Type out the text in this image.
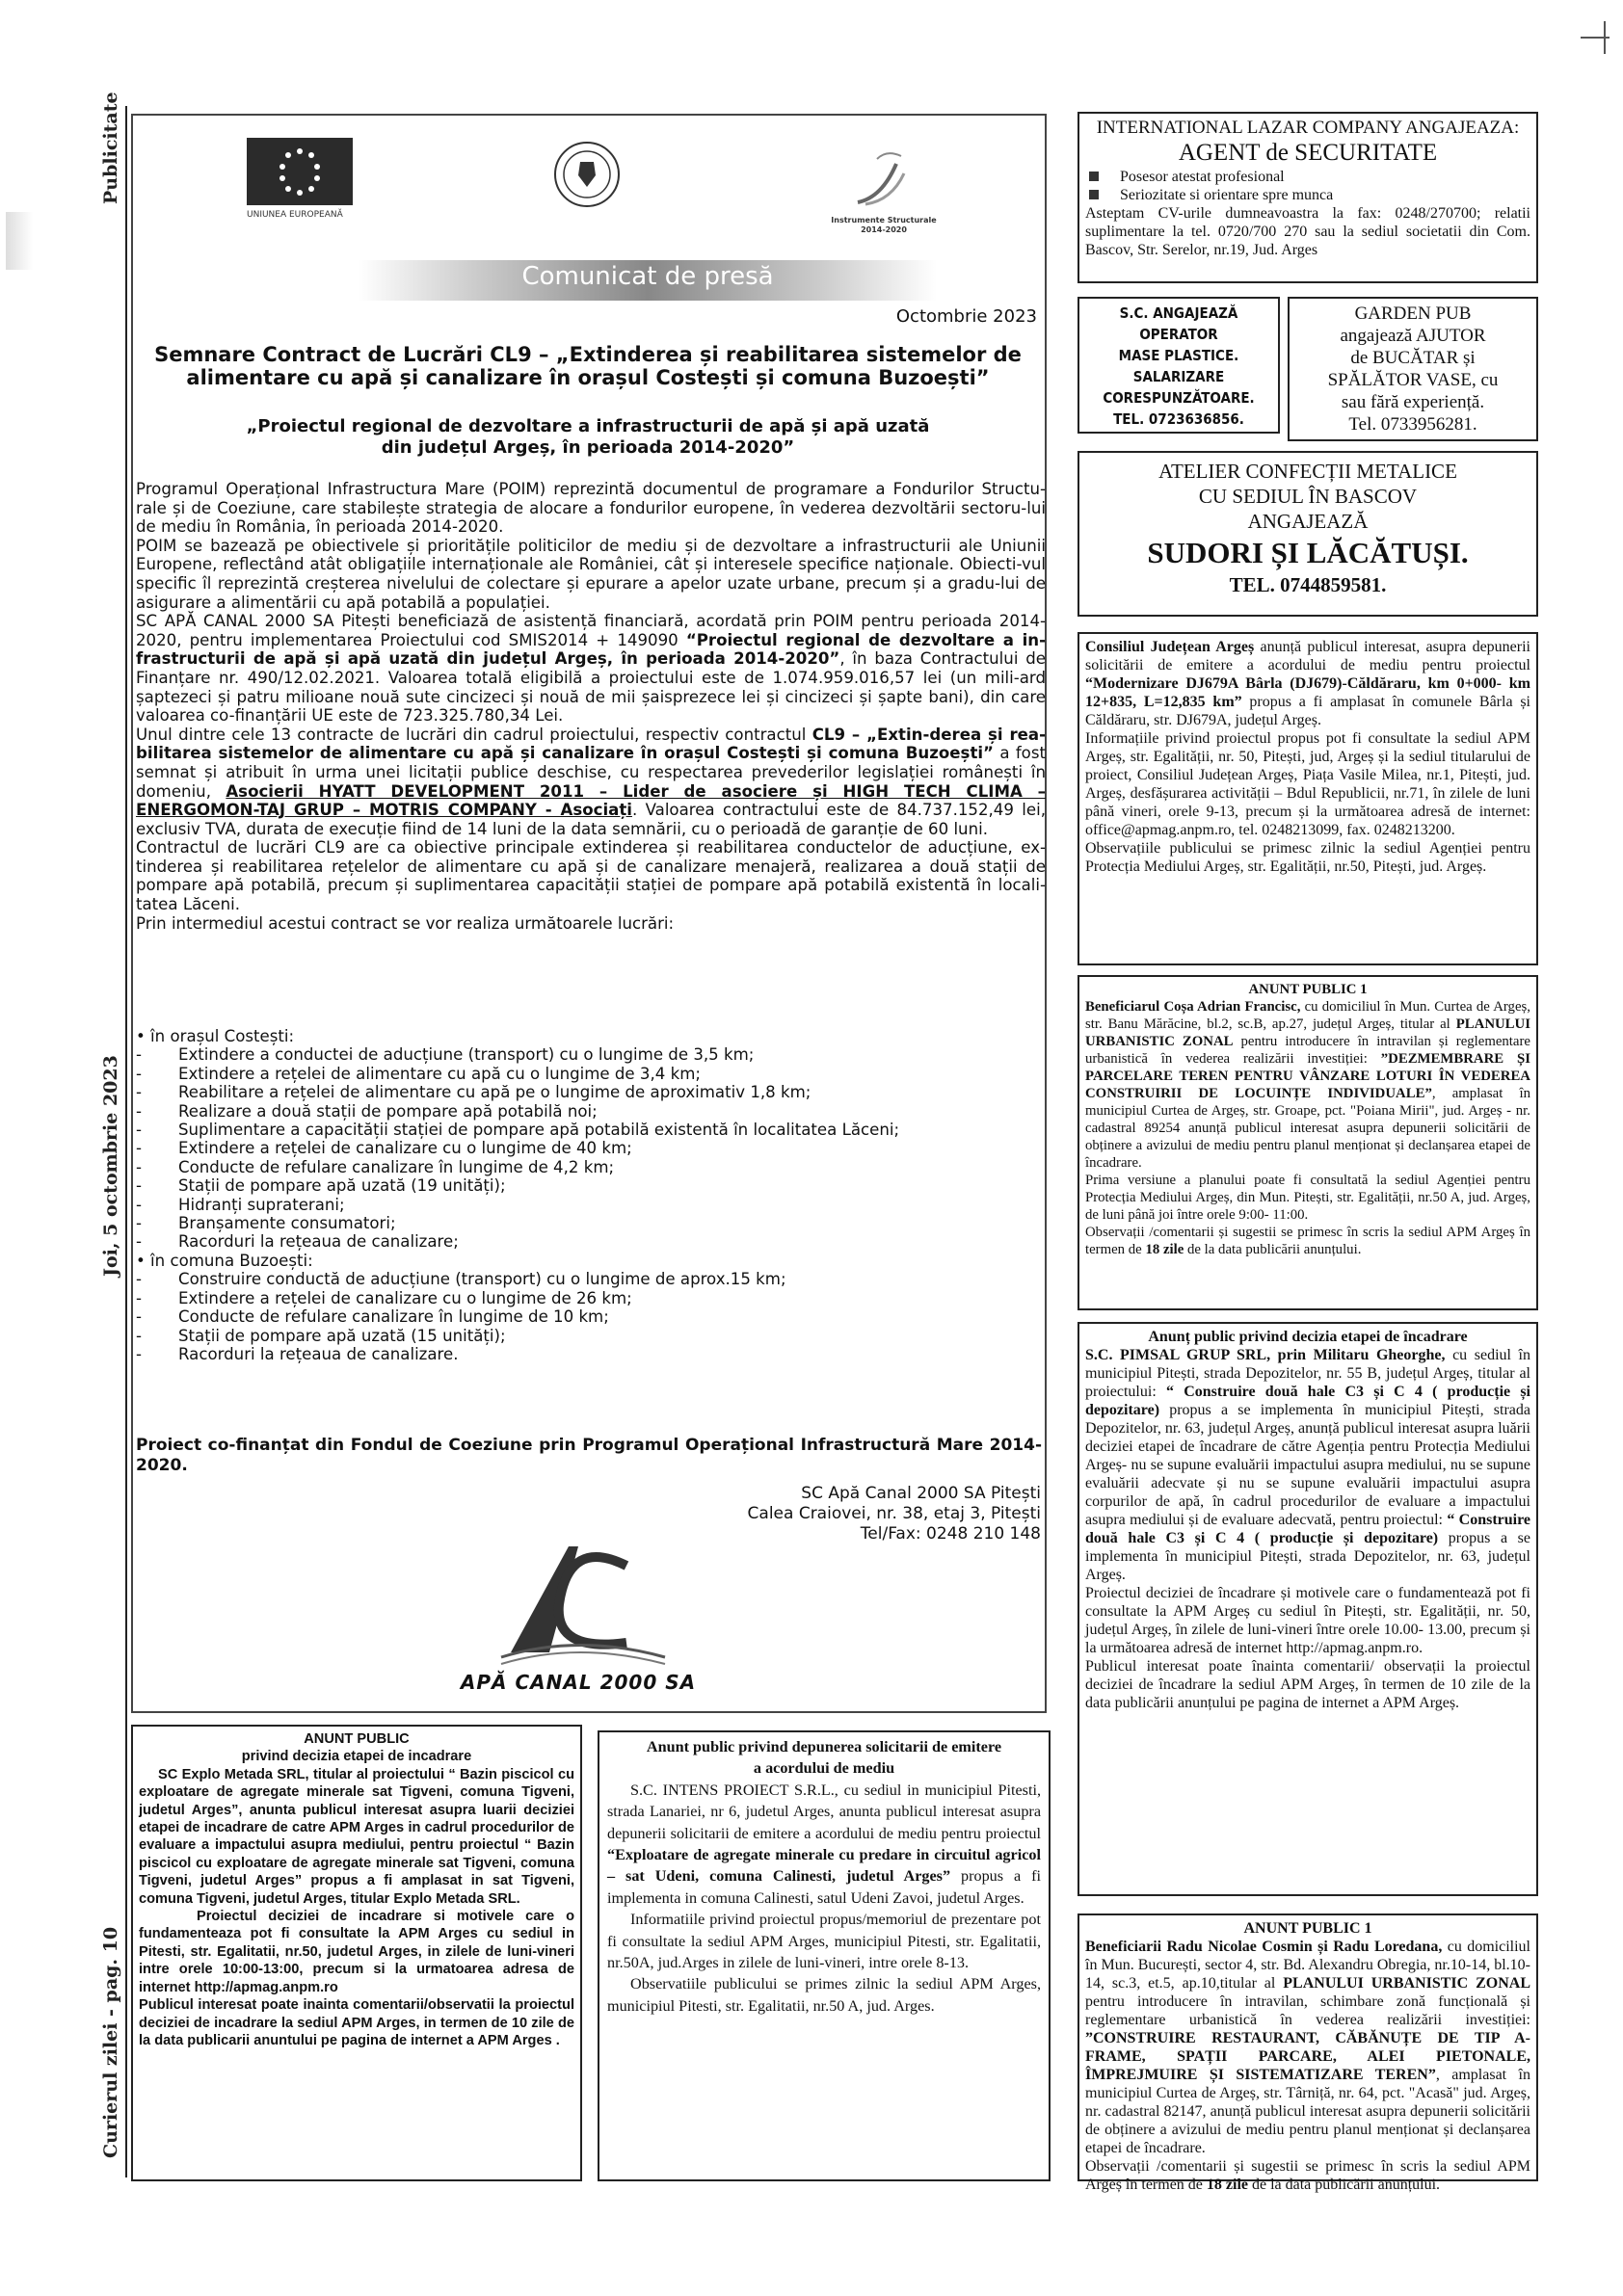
Publicitate
Joi, 5 octombrie 2023
Curierul zilei - pag. 10
UNIUNEA EUROPEANĂ
Instrumente Structurale
2014-2020
Comunicat de presă
Octombrie 2023
Semnare Contract de Lucrări CL9 – „Extinderea și reabilitarea sistemelor de
alimentare cu apă și canalizare în orașul Costești și comuna Buzoești”
„Proiectul regional de dezvoltare a infrastructurii de apă și apă uzată
din județul Argeș, în perioada 2014-2020”

Programul Operațional Infrastructura Mare (POIM) reprezintă documentul de programare a Fondurilor Structu-rale și de Coeziune, care stabilește strategia de alocare a fondurilor europene, în vederea dezvoltării sectoru-lui de mediu în România, în perioada 2014-2020.

POIM se bazează pe obiectivele și prioritățile politicilor de mediu și de dezvoltare a infrastructurii ale Uniunii Europene, reflectând atât obligațiile internaționale ale României, cât și interesele specifice naționale. Obiecti-vul specific îl reprezintă creșterea nivelului de colectare și epurare a apelor uzate urbane, precum și a gradu-lui de asigurare a alimentării cu apă potabilă a populației.

SC APĂ CANAL 2000 SA Pitești beneficiază de asistență financiară, acordată prin POIM pentru perioada 2014-2020, pentru implementarea Proiectului cod SMIS2014 + 149090 “Proiectul regional de dezvoltare a in-frastructurii de apă și apă uzată din județul Argeș, în perioada 2014-2020”, în baza Contractului de Finanțare nr. 490/12.02.2021. Valoarea totală eligibilă a proiectului este de 1.074.959.016,57 lei (un mili-ard șaptezeci și patru milioane nouă sute cincizeci și nouă de mii șaisprezece lei și cincizeci și șapte bani), din care valoarea co-finanțării UE este de 723.325.780,34 Lei.

Unul dintre cele 13 contracte de lucrări din cadrul proiectului, respectiv contractul CL9 – „Extin-derea și rea-bilitarea sistemelor de alimentare cu apă și canalizare în orașul Costești și comuna Buzoești” a fost semnat și atribuit în urma unei licitații publice deschise, cu respectarea prevederilor legislației românești în domeniu, Asocierii HYATT DEVELOPMENT 2011 – Lider de asociere și HIGH TECH CLIMA – ENERGOMON-TAJ GRUP – MOTRIS COMPANY - Asociați. Valoarea contractului este de 84.737.152,49 lei, exclusiv TVA, durata de execuție fiind de 14 luni de la data semnării, cu o perioadă de garanție de 60 luni.

Contractul de lucrări CL9 are ca obiective principale extinderea și reabilitarea conductelor de aducțiune, ex-tinderea și reabilitarea rețelelor de alimentare cu apă și de canalizare menajeră, realizarea a două stații de pompare apă potabilă, precum și suplimentarea capacității stației de pompare apă potabilă existentă în locali-tatea Lăceni.

Prin intermediul acestui contract se vor realiza următoarele lucrări:

• în orașul Costești:
- Extindere a conductei de aducțiune (transport) cu o lungime de 3,5 km;
- Extindere a rețelei de alimentare cu apă cu o lungime de 3,4 km;
- Reabilitare a rețelei de alimentare cu apă pe o lungime de aproximativ 1,8 km;
- Realizare a două stații de pompare apă potabilă noi;
- Suplimentare a capacității stației de pompare apă potabilă existentă în localitatea Lăceni;
- Extindere a rețelei de canalizare cu o lungime de 40 km;
- Conducte de refulare canalizare în lungime de 4,2 km;
- Stații de pompare apă uzată (19 unități);
- Hidranți supraterani;
- Branșamente consumatori;
- Racorduri la rețeaua de canalizare;
• în comuna Buzoești:
- Construire conductă de aducțiune (transport) cu o lungime de aprox.15 km;
- Extindere a rețelei de canalizare cu o lungime de 26 km;
- Conducte de refulare canalizare în lungime de 10 km;
- Stații de pompare apă uzată (15 unități);
- Racorduri la rețeaua de canalizare.
Proiect co-finanțat din Fondul de Coeziune prin Programul Operațional Infrastructură Mare 2014-2020.
SC Apă Canal 2000 SA Pitești
Calea Craiovei, nr. 38, etaj 3, Pitești
Tel/Fax: 0248 210 148
APĂ CANAL 2000 SA
INTERNATIONAL LAZAR COMPANY ANGAJEAZA:
AGENT de SECURITATE
Posesor atestat profesional
Seriozitate si orientare spre munca
Asteptam CV-urile dumneavoastra la fax: 0248/270700; relatii suplimentare la tel. 0720/700 270 sau la sediul societatii din Com. Bascov, Str. Serelor, nr.19, Jud. Arges
S.C. ANGAJEAZĂ
OPERATOR
MASE PLASTICE.
SALARIZARE
CORESPUNZĂTOARE.
TEL. 0723636856.
GARDEN PUB
angajează AJUTOR
de BUCĂTAR și
SPĂLĂTOR VASE, cu
sau fără experiență.
Tel. 0733956281.
ATELIER CONFECȚII METALICE
CU SEDIUL ÎN BASCOV
ANGAJEAZĂ
SUDORI ȘI LĂCĂTUȘI.
TEL. 0744859581.

Consiliul Județean Argeș anunță publicul interesat, asupra depunerii solicitării de emitere a acordului de mediu pentru proiectul “Modernizare DJ679A Bârla (DJ679)-Căldăraru, km 0+000- km 12+835, L=12,835 km” propus a fi amplasat în comunele Bârla și Căldăraru, str. DJ679A, județul Argeș.

Informațiile privind proiectul propus pot fi consultate la sediul APM Argeș, str. Egalității, nr. 50, Pitești, jud, Argeș și la sediul titularului de proiect, Consiliul Județean Argeș, Piața Vasile Milea, nr.1, Pitești, jud. Argeș, desfășurarea activității – Bdul Republicii, nr.71, în zilele de luni până vineri, orele 9-13, precum și la următoarea adresă de internet: office@apmag.anpm.ro, tel. 0248213099, fax. 0248213200.

Observațiile publicului se primesc zilnic la sediul Agenției pentru Protecția Mediului Argeș, str. Egalității, nr.50, Pitești, jud. Argeș.

ANUNT PUBLIC 1

Beneficiarul Coșa Adrian Francisc, cu domiciliul în Mun. Curtea de Argeș, str. Banu Mărăcine, bl.2, sc.B, ap.27, județul Argeș, titular al PLANULUI URBANISTIC ZONAL pentru introducere în intravilan și reglementare urbanistică în vederea realizării investiției: ”DEZMEMBRARE ȘI PARCELARE TEREN PENTRU VÂNZARE LOTURI ÎN VEDEREA CONSTRUIRII DE LOCUINȚE INDIVIDUALE”, amplasat în municipiul Curtea de Argeș, str. Groape, pct. "Poiana Mirii", jud. Argeș - nr. cadastral 89254 anunță publicul interesat asupra depunerii solicitării de obținere a avizului de mediu pentru planul menționat și declanșarea etapei de încadrare.

Prima versiune a planului poate fi consultată la sediul Agenției pentru Protecția Mediului Argeș, din Mun. Pitești, str. Egalității, nr.50 A, jud. Argeș, de luni până joi între orele 9:00- 11:00.

Observații /comentarii și sugestii se primesc în scris la sediul APM Argeș în termen de 18 zile de la data publicării anunțului.

Anunț public privind decizia etapei de încadrare

S.C. PIMSAL GRUP SRL, prin Militaru Gheorghe, cu sediul în municipiul Pitești, strada Depozitelor, nr. 55 B, județul Argeș, titular al proiectului: “ Construire două hale C3 și C 4 ( producție și depozitare) propus a se implementa în municipiul Pitești, strada Depozitelor, nr. 63, județul Argeș, anunță publicul interesat asupra luării deciziei etapei de încadrare de către Agenția pentru Protecția Mediului Argeș- nu se supune evaluării impactului asupra mediului, nu se supune evaluării adecvate și nu se supune evaluării impactului asupra corpurilor de apă, în cadrul procedurilor de evaluare a impactului asupra mediului și de evaluare adecvată, pentru proiectul: “ Construire două hale C3 și C 4 ( producție și depozitare) propus a se implementa în municipiul Pitești, strada Depozitelor, nr. 63, județul Argeș.

Proiectul deciziei de încadrare și motivele care o fundamentează pot fi consultate la APM Argeș cu sediul în Pitești, str. Egalității, nr. 50, județul Argeș, în zilele de luni-vineri între orele 10.00- 13.00, precum și la următoarea adresă de internet http://apmag.anpm.ro.

Publicul interesat poate înainta comentarii/ observații la proiectul deciziei de încadrare la sediul APM Argeș, în termen de 10 zile de la data publicării anunțului pe pagina de internet a APM Argeș.

ANUNT PUBLIC 1

Beneficiarii Radu Nicolae Cosmin și Radu Loredana, cu domiciliul în Mun. București, sector 4, str. Bd. Alexandru Obregia, nr.10-14, bl.10-14, sc.3, et.5, ap.10,titular al PLANULUI URBANISTIC ZONAL pentru introducere în intravilan, schimbare zonă funcțională și reglementare urbanistică în vederea realizării investiției: ”CONSTRUIRE RESTAURANT, CĂBĂNUȚE DE TIP A-FRAME, SPAȚII PARCARE, ALEI PIETONALE, ÎMPREJMUIRE ȘI SISTEMATIZARE TEREN”, amplasat în municipiul Curtea de Argeș, str. Târniță, nr. 64, pct. "Acasă" jud. Argeș, nr. cadastral 82147, anunță publicul interesat asupra depunerii solicitării de obținere a avizului de mediu pentru planul menționat și declanșarea etapei de încadrare.

Observații /comentarii și sugestii se primesc în scris la sediul APM Argeș în termen de 18 zile de la data publicării anunțului.

ANUNT PUBLIC
privind decizia etapei de incadrare

SC Explo Metada SRL, titular al proiectului “ Bazin piscicol cu exploatare de agregate minerale sat Tigveni, comuna Tigveni, judetul Arges”, anunta publicul interesat asupra luarii deciziei etapei de incadrare de catre APM Arges in cadrul procedurilor de evaluare a impactului asupra mediului, pentru proiectul “ Bazin piscicol cu exploatare de agregate minerale sat Tigveni, comuna Tigveni, judetul Arges” propus a fi amplasat in sat Tigveni, comuna Tigveni, judetul Arges, titular Explo Metada SRL.

Proiectul deciziei de incadrare si motivele care o fundamenteaza pot fi consultate la APM Arges cu sediul in Pitesti, str. Egalitatii, nr.50, judetul Arges, in zilele de luni-vineri intre orele 10:00-13:00, precum si la urmatoarea adresa de internet http://apmag.anpm.ro

Publicul interesat poate inainta comentarii/observatii la proiectul deciziei de incadrare la sediul APM Arges, in termen de 10 zile de la data publicarii anuntului pe pagina de internet a APM Arges .

Anunt public privind depunerea solicitarii de emitere
a acordului de mediu

S.C. INTENS PROIECT S.R.L., cu sediul in municipiul Pitesti, strada Lanariei, nr 6, judetul Arges, anunta publicul interesat asupra depunerii solicitarii de emitere a acordului de mediu pentru proiectul “Exploatare de agregate minerale cu predare in circuitul agricol – sat Udeni, comuna Calinesti, judetul Arges” propus a fi implementa in comuna Calinesti, satul Udeni Zavoi, judetul Arges.

Informatiile privind proiectul propus/memoriul de prezentare pot fi consultate la sediul APM Arges, municipiul Pitesti, str. Egalitatii, nr.50A, jud.Arges in zilele de luni-vineri, intre orele 8-13.

Observatiile publicului se primes zilnic la sediul APM Arges, municipiul Pitesti, str. Egalitatii, nr.50 A, jud. Arges.
